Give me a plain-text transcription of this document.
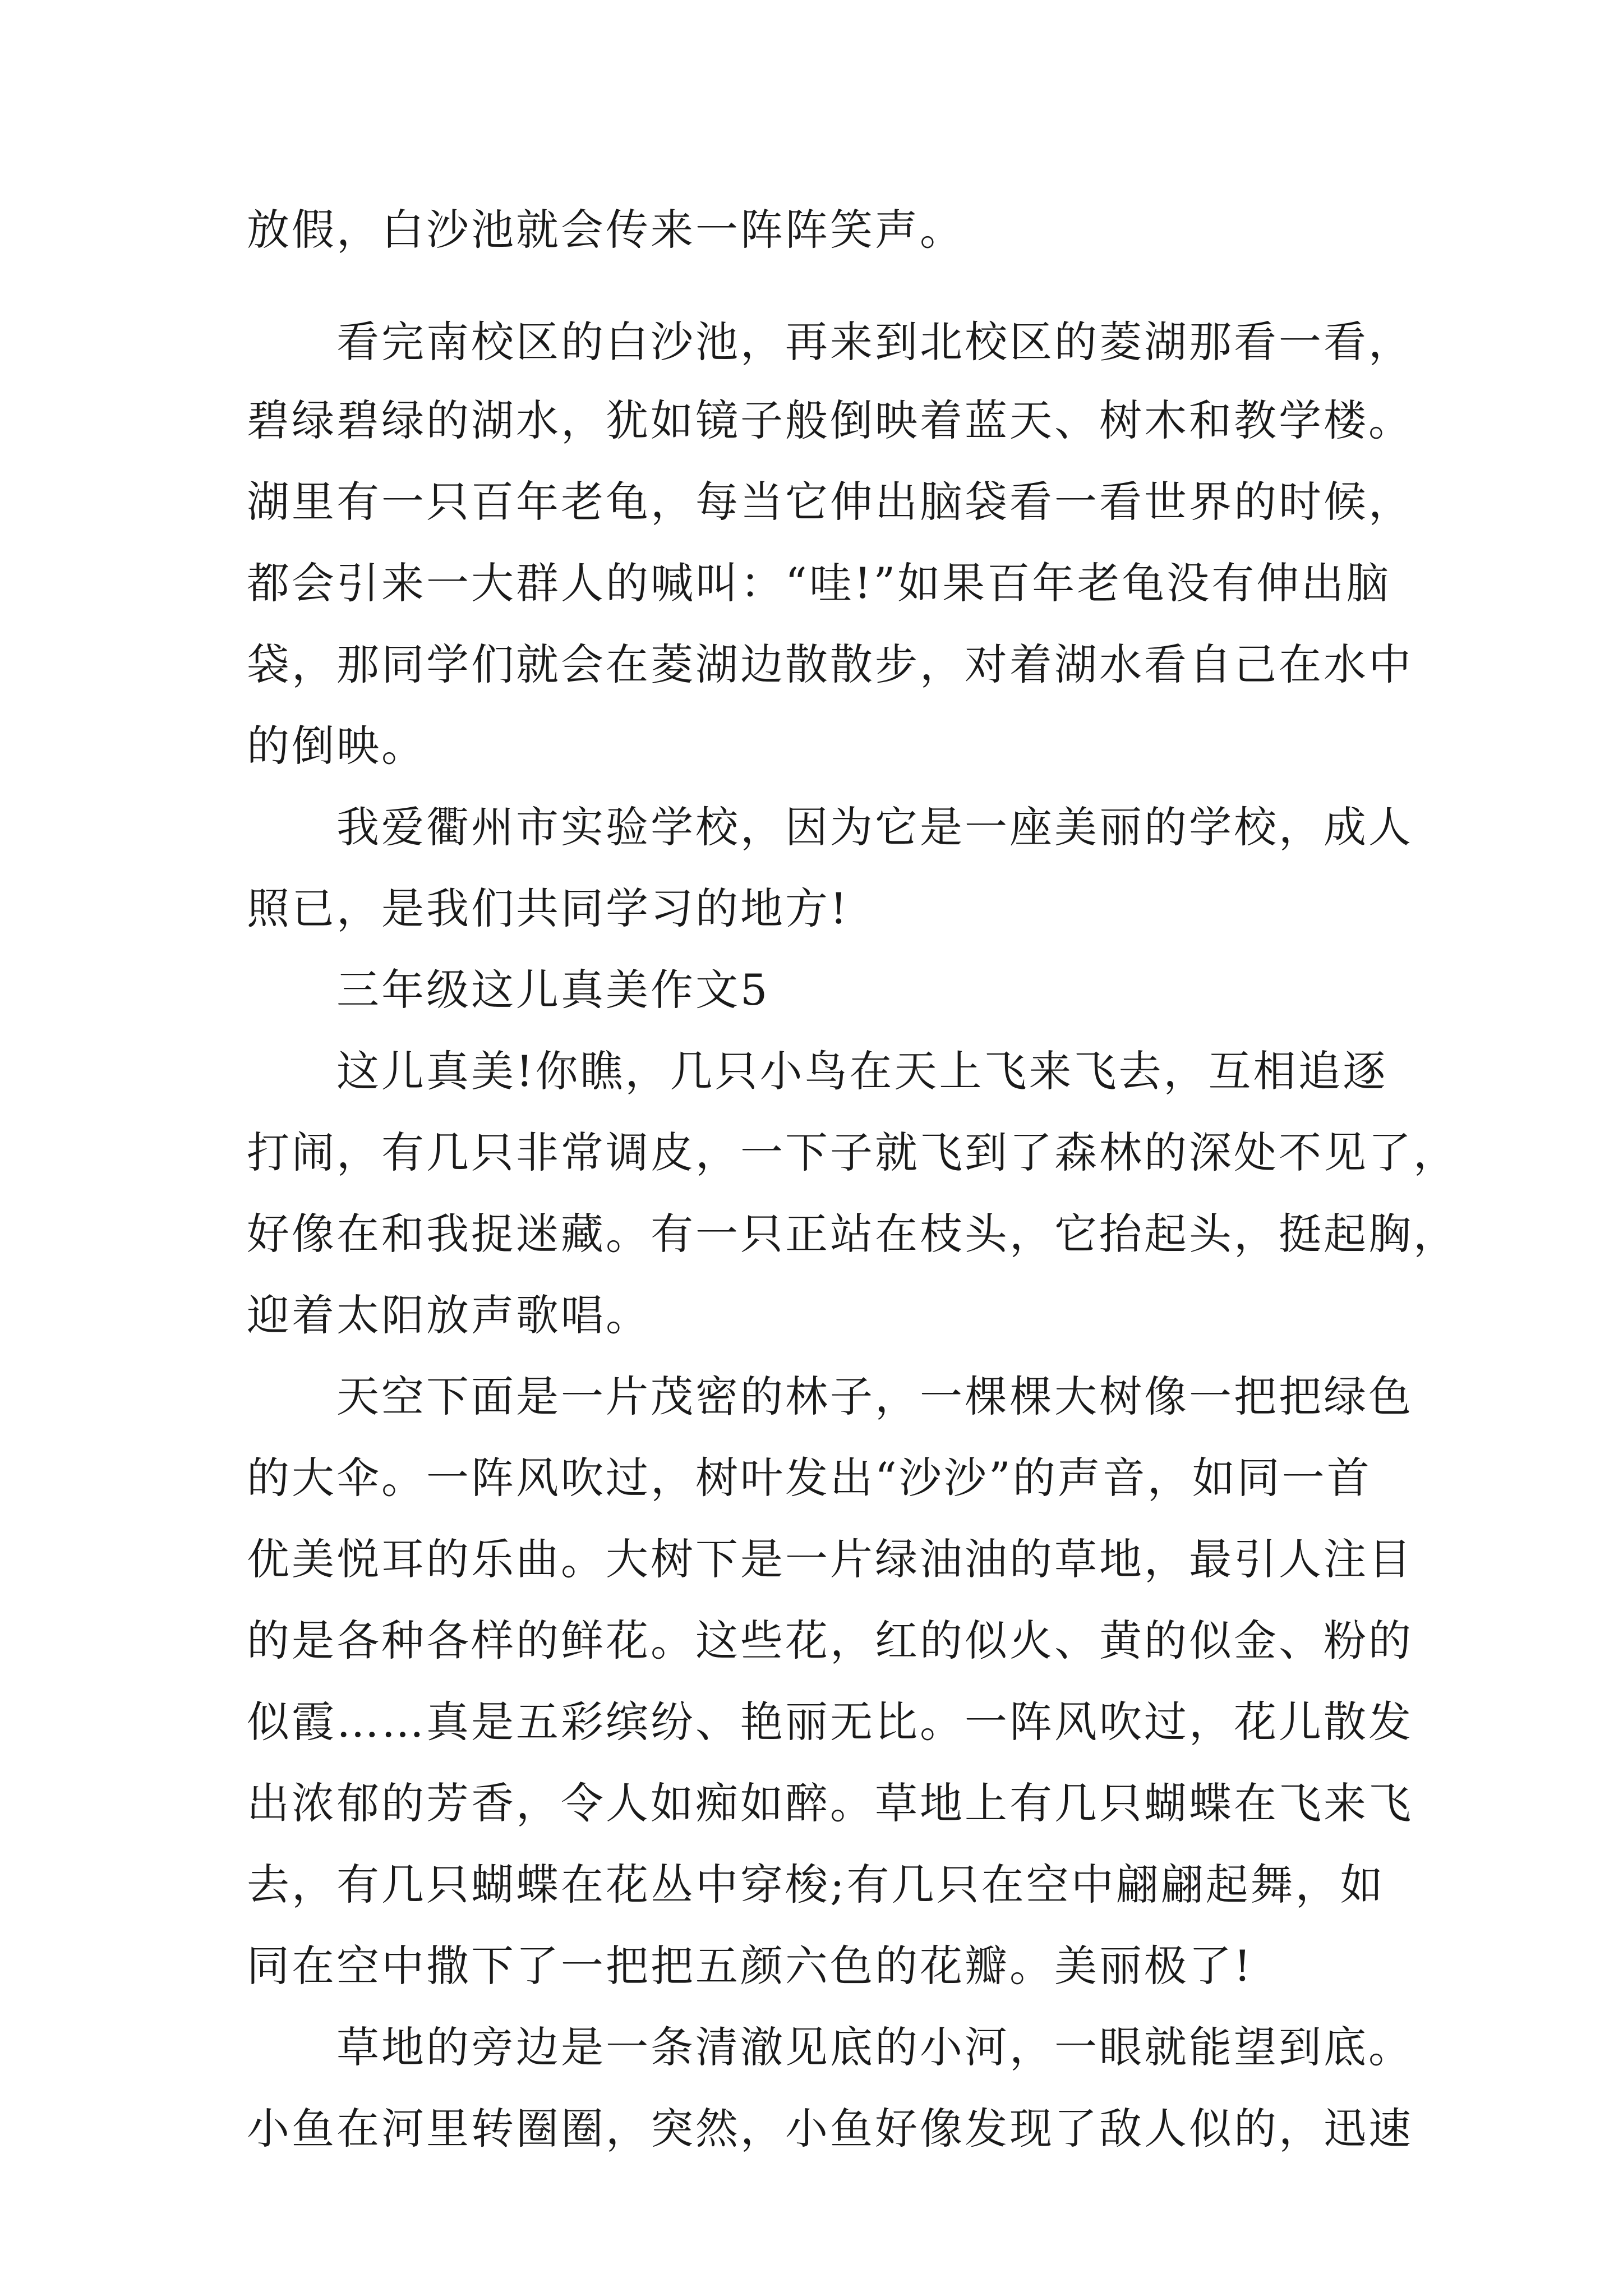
放假，白沙池就会传来一阵阵笑声。
看完南校区的白沙池，再来到北校区的菱湖那看一看，
碧绿碧绿的湖水，犹如镜子般倒映着蓝天、树木和教学楼。
湖里有一只百年老龟，每当它伸出脑袋看一看世界的时候，
都会引来一大群人的喊叫：“哇!”如果百年老龟没有伸出脑
袋，那同学们就会在菱湖边散散步，对着湖水看自己在水中
的倒映。
我爱衢州市实验学校，因为它是一座美丽的学校，成人
照已，是我们共同学习的地方!
三年级这儿真美作文5
这儿真美!你瞧，几只小鸟在天上飞来飞去，互相追逐
打闹，有几只非常调皮，一下子就飞到了森林的深处不见了，
好像在和我捉迷藏。有一只正站在枝头，它抬起头，挺起胸，
迎着太阳放声歌唱。
天空下面是一片茂密的林子，一棵棵大树像一把把绿色
的大伞。一阵风吹过，树叶发出“沙沙”的声音，如同一首
优美悦耳的乐曲。大树下是一片绿油油的草地，最引人注目
的是各种各样的鲜花。这些花，红的似火、黄的似金、粉的
似霞……真是五彩缤纷、艳丽无比。一阵风吹过，花儿散发
出浓郁的芳香，令人如痴如醉。草地上有几只蝴蝶在飞来飞
去，有几只蝴蝶在花丛中穿梭;有几只在空中翩翩起舞，如
同在空中撒下了一把把五颜六色的花瓣。美丽极了!
草地的旁边是一条清澈见底的小河，一眼就能望到底。
小鱼在河里转圈圈，突然，小鱼好像发现了敌人似的，迅速
